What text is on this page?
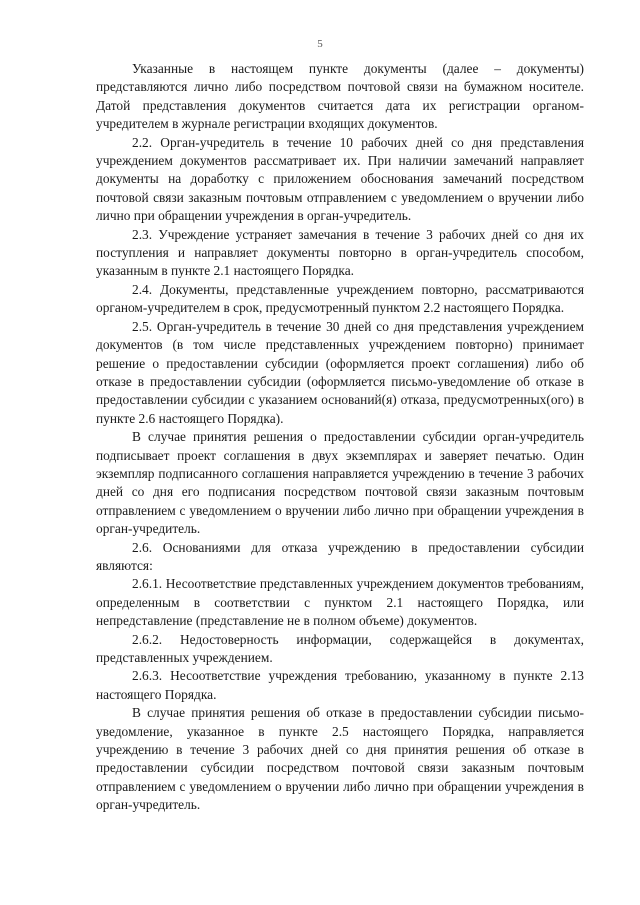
5

Указанные в настоящем пункте документы (далее – документы) представляются лично либо посредством почтовой связи на бумажном носителе. Датой представления документов считается дата их регистрации органом-учредителем в журнале регистрации входящих документов.

2.2. Орган-учредитель в течение 10 рабочих дней со дня представления учреждением документов рассматривает их. При наличии замечаний направляет документы на доработку с приложением обоснования замечаний посредством почтовой связи заказным почтовым отправлением с уведомлением о вручении либо лично при обращении учреждения в орган-учредитель.

2.3. Учреждение устраняет замечания в течение 3 рабочих дней со дня их поступления и направляет документы повторно в орган-учредитель способом, указанным в пункте 2.1 настоящего Порядка.

2.4. Документы, представленные учреждением повторно, рассматриваются органом-учредителем в срок, предусмотренный пунктом 2.2 настоящего Порядка.

2.5. Орган-учредитель в течение 30 дней со дня представления учреждением документов (в том числе представленных учреждением повторно) принимает решение о предоставлении субсидии (оформляется проект соглашения) либо об отказе в предоставлении субсидии (оформляется письмо-уведомление об отказе в предоставлении субсидии с указанием оснований(я) отказа, предусмотренных(ого) в пункте 2.6 настоящего Порядка).

В случае принятия решения о предоставлении субсидии орган-учредитель подписывает проект соглашения в двух экземплярах и заверяет печатью. Один экземпляр подписанного соглашения направляется учреждению в течение 3 рабочих дней со дня его подписания посредством почтовой связи заказным почтовым отправлением с уведомлением о вручении либо лично при обращении учреждения в орган-учредитель.

2.6. Основаниями для отказа учреждению в предоставлении субсидии являются:

2.6.1. Несоответствие представленных учреждением документов требованиям, определенным в соответствии с пунктом 2.1 настоящего Порядка, или непредставление (представление не в полном объеме) документов.

2.6.2. Недостоверность информации, содержащейся в документах, представленных учреждением.

2.6.3. Несоответствие учреждения требованию, указанному в пункте 2.13 настоящего Порядка.

В случае принятия решения об отказе в предоставлении субсидии письмо-уведомление, указанное в пункте 2.5 настоящего Порядка, направляется учреждению в течение 3 рабочих дней со дня принятия решения об отказе в предоставлении субсидии посредством почтовой связи заказным почтовым отправлением с уведомлением о вручении либо лично при обращении учреждения в орган-учредитель.
